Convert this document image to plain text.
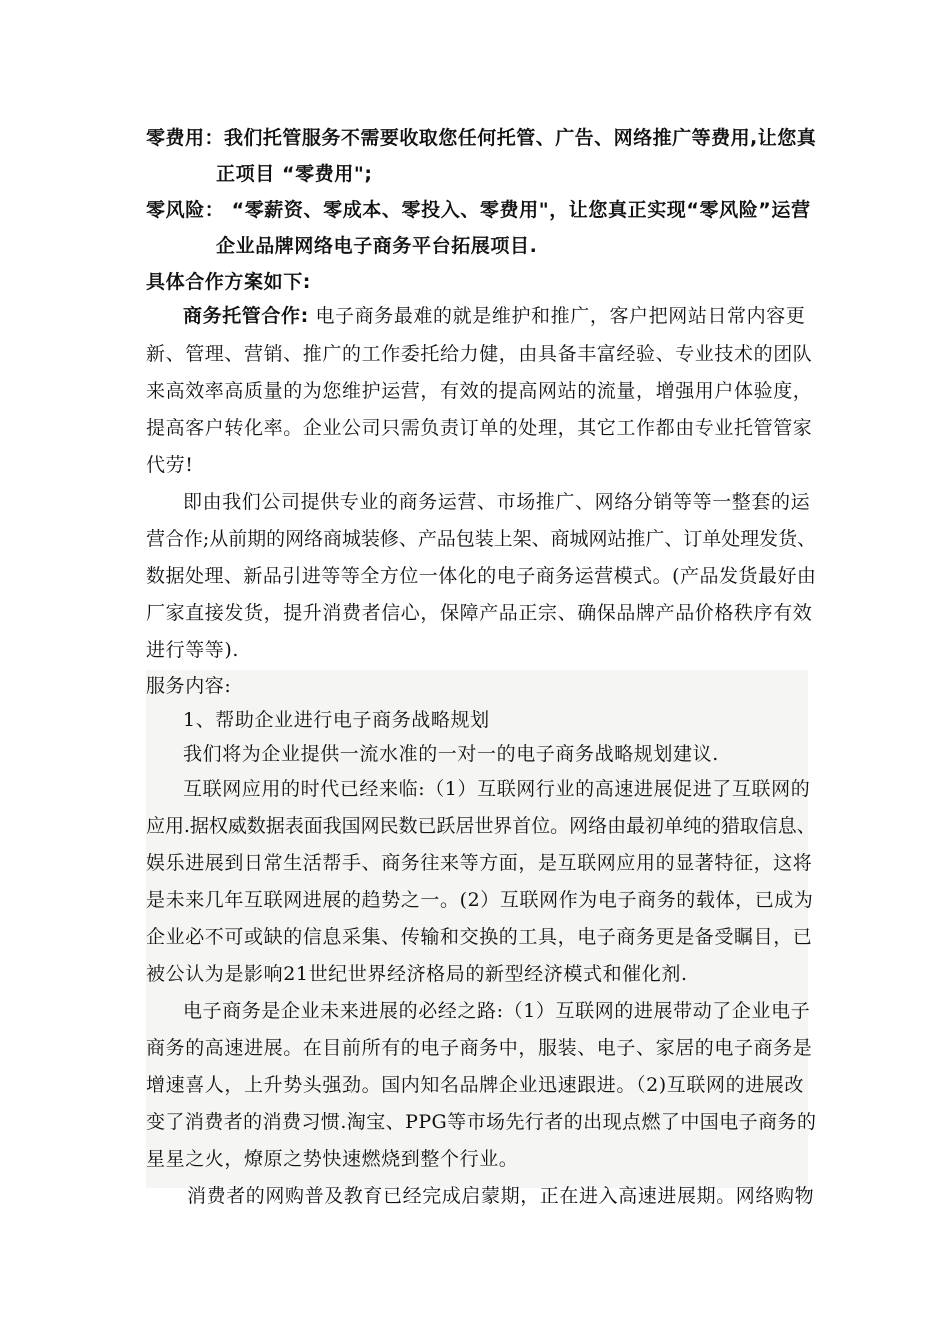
零费用：我们托管服务不需要收取您任何托管、广告、网络推广等费用,让您真
正项目 “零费用";
零风险： “零薪资、零成本、零投入、零费用"，让您真正实现“零风险”运营
企业品牌网络电子商务平台拓展项目.
具体合作方案如下:
商务托管合作: 电子商务最难的就是维护和推广，客户把网站日常内容更
新、管理、营销、推广的工作委托给力健，由具备丰富经验、专业技术的团队
来高效率高质量的为您维护运营，有效的提高网站的流量，增强用户体验度，
提高客户转化率。企业公司只需负责订单的处理，其它工作都由专业托管管家
代劳!
即由我们公司提供专业的商务运营、市场推广、网络分销等等一整套的运
营合作;从前期的网络商城装修、产品包装上架、商城网站推广、订单处理发货、
数据处理、新品引进等等全方位一体化的电子商务运营模式。(产品发货最好由
厂家直接发货，提升消费者信心，保障产品正宗、确保品牌产品价格秩序有效
进行等等).
服务内容:
1、帮助企业进行电子商务战略规划
我们将为企业提供一流水准的一对一的电子商务战略规划建议.
互联网应用的时代已经来临:（1）互联网行业的高速进展促进了互联网的
应用.据权威数据表面我国网民数已跃居世界首位。网络由最初单纯的猎取信息、
娱乐进展到日常生活帮手、商务往来等方面，是互联网应用的显著特征，这将
是未来几年互联网进展的趋势之一。(2）互联网作为电子商务的载体，已成为
企业必不可或缺的信息采集、传输和交换的工具，电子商务更是备受瞩目，已
被公认为是影响21世纪世界经济格局的新型经济模式和催化剂.
电子商务是企业未来进展的必经之路:（1）互联网的进展带动了企业电子
商务的高速进展。在目前所有的电子商务中，服装、电子、家居的电子商务是
增速喜人，上升势头强劲。国内知名品牌企业迅速跟进。（2)互联网的进展改
变了消费者的消费习惯.淘宝、PPG等市场先行者的出现点燃了中国电子商务的
星星之火，燎原之势快速燃烧到整个行业。
消费者的网购普及教育已经完成启蒙期，正在进入高速进展期。网络购物
